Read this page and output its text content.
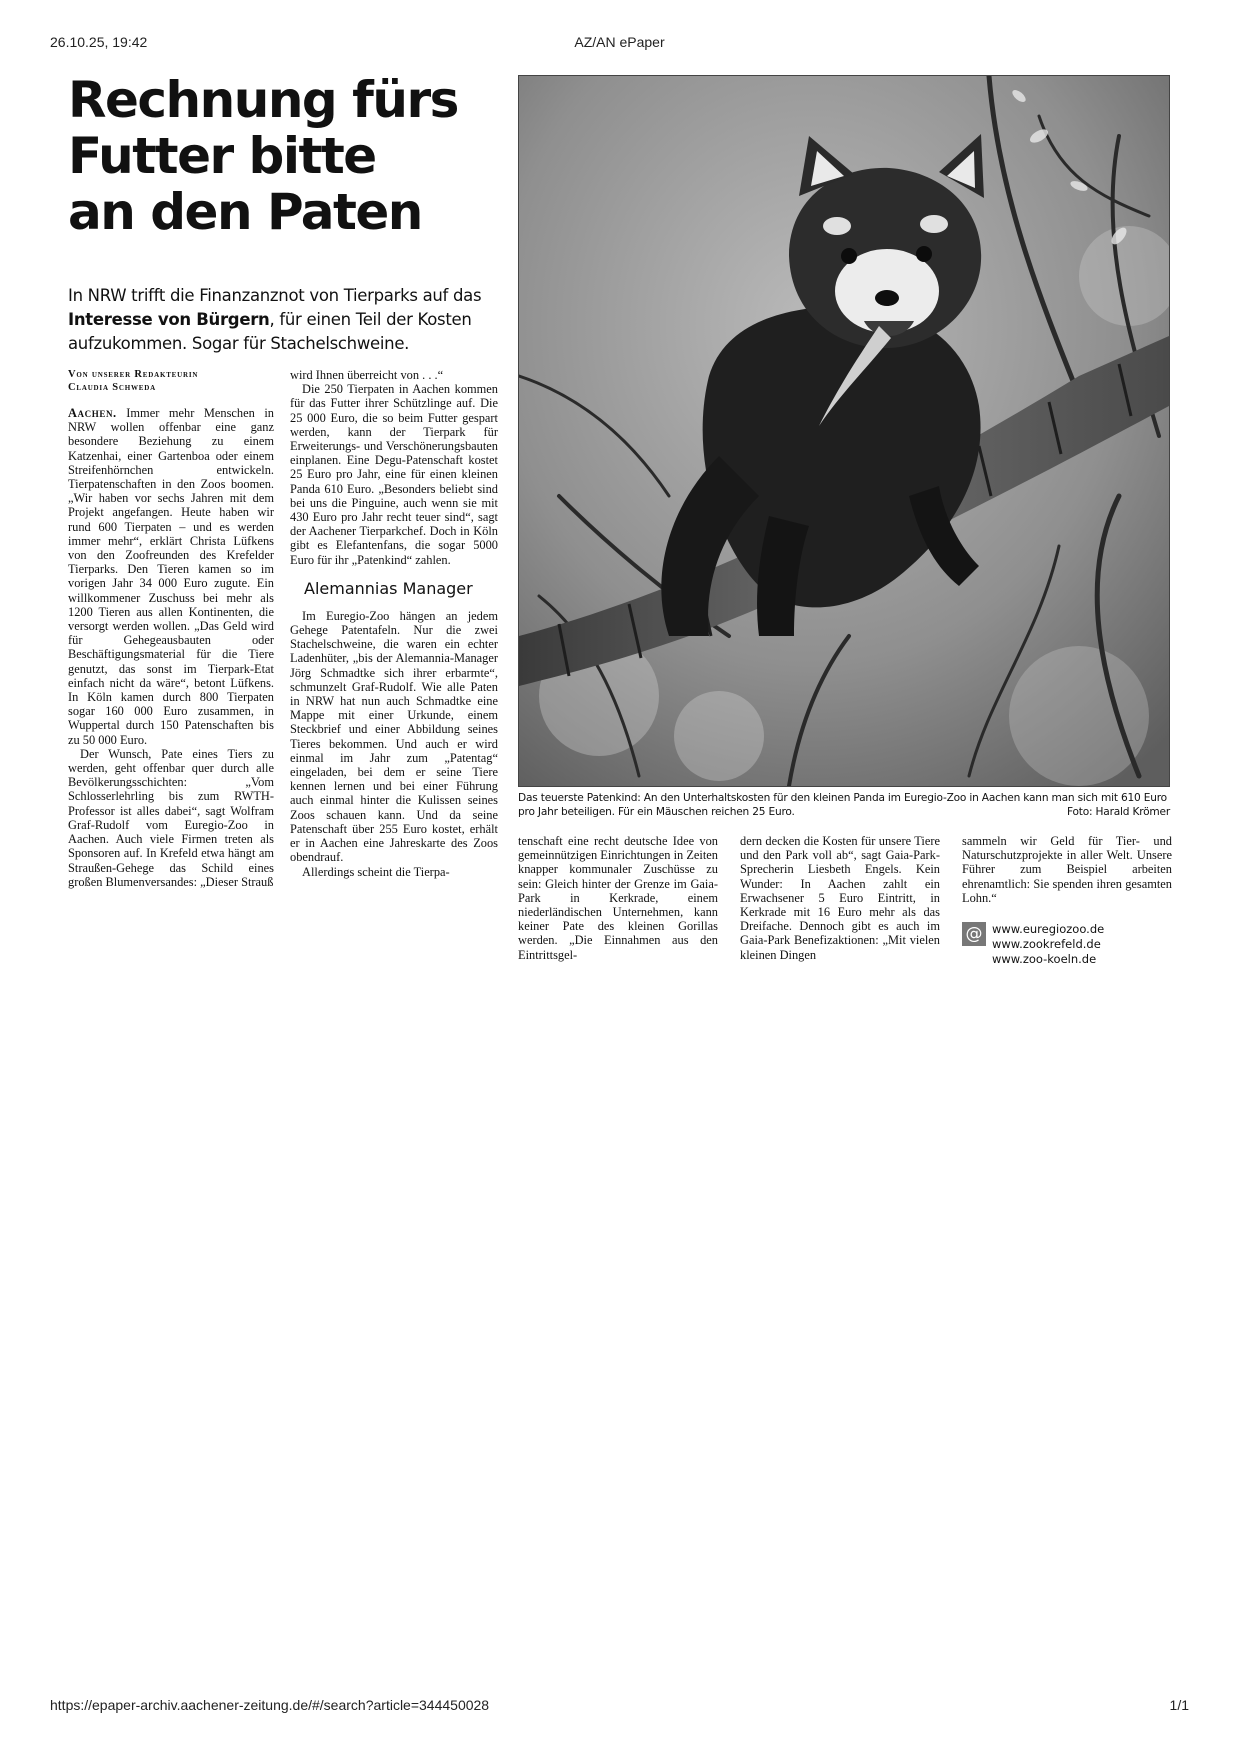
26.10.25, 19:42	AZ/AN ePaper
Rechnung fürs
Futter bitte
an den Paten
In NRW trifft die Finanzanznot von Tierparks auf das Interesse von Bürgern, für einen Teil der Kosten aufzukommen. Sogar für Stachelschweine.
Von unserer Redakteurin
Claudia Schweda

Aachen. Immer mehr Menschen in NRW wollen offenbar eine ganz besondere Beziehung zu einem Katzenhai, einer Gartenboa oder einem Streifenhörnchen entwickeln. Tierpatenschaften in den Zoos boomen. „Wir haben vor sechs Jahren mit dem Projekt angefangen. Heute haben wir rund 600 Tierpaten – und es werden immer mehr“, erklärt Christa Lüfkens von den Zoofreunden des Krefelder Tierparks. Den Tieren kamen so im vorigen Jahr 34 000 Euro zugute. Ein willkommener Zuschuss bei mehr als 1200 Tieren aus allen Kontinenten, die versorgt werden wollen. „Das Geld wird für Gehegeausbauten oder Beschäftigungsmaterial für die Tiere genutzt, das sonst im Tierpark-Etat einfach nicht da wäre“, betont Lüfkens. In Köln kamen durch 800 Tierpaten sogar 160 000 Euro zusammen, in Wuppertal durch 150 Patenschaften bis zu 50 000 Euro.

Der Wunsch, Pate eines Tiers zu werden, geht offenbar quer durch alle Bevölkerungsschichten: „Vom Schlosserlehrling bis zum RWTH-Professor ist alles dabei“, sagt Wolfram Graf-Rudolf vom Euregio-Zoo in Aachen. Auch viele Firmen treten als Sponsoren auf. In Krefeld etwa hängt am Straußen-Gehege das Schild eines großen Blumenversandes: „Dieser Strauß

wird Ihnen überreicht von . . .“

Die 250 Tierpaten in Aachen kommen für das Futter ihrer Schützlinge auf. Die 25 000 Euro, die so beim Futter gespart werden, kann der Tierpark für Erweiterungs- und Verschönerungsbauten einplanen. Eine Degu-Patenschaft kostet 25 Euro pro Jahr, eine für einen kleinen Panda 610 Euro. „Besonders beliebt sind bei uns die Pinguine, auch wenn sie mit 430 Euro pro Jahr recht teuer sind“, sagt der Aachener Tierparkchef. Doch in Köln gibt es Elefantenfans, die sogar 5000 Euro für ihr „Patenkind“ zahlen.

Alemannias Manager

Im Euregio-Zoo hängen an jedem Gehege Patentafeln. Nur die zwei Stachelschweine, die waren ein echter Ladenhüter, „bis der Alemannia-Manager Jörg Schmadtke sich ihrer erbarmte“, schmunzelt Graf-Rudolf. Wie alle Paten in NRW hat nun auch Schmadtke eine Mappe mit einer Urkunde, einem Steckbrief und einer Abbildung seines Tieres bekommen. Und auch er wird einmal im Jahr zum „Patentag“ eingeladen, bei dem er seine Tiere kennen lernen und bei einer Führung auch einmal hinter die Kulissen seines Zoos schauen kann. Und da seine Patenschaft über 255 Euro kostet, erhält er in Aachen eine Jahreskarte des Zoos obendrauf.

Allerdings scheint die Tierpa-

Das teuerste Patenkind: An den Unterhaltskosten für den kleinen Panda im Euregio-Zoo in Aachen kann man sich mit 610 Euro pro Jahr beteiligen. Für ein Mäuschen reichen 25 Euro.	Foto: Harald Krömer

tenschaft eine recht deutsche Idee von gemeinnützigen Einrichtungen in Zeiten knapper kommunaler Zuschüsse zu sein: Gleich hinter der Grenze im Gaia-Park in Kerkrade, einem niederländischen Unternehmen, kann keiner Pate des kleinen Gorillas werden. „Die Einnahmen aus den Eintrittsgel-

dern decken die Kosten für unsere Tiere und den Park voll ab“, sagt Gaia-Park-Sprecherin Liesbeth Engels. Kein Wunder: In Aachen zahlt ein Erwachsener 5 Euro Eintritt, in Kerkrade mit 16 Euro mehr als das Dreifache. Dennoch gibt es auch im Gaia-Park Benefizaktionen: „Mit vielen kleinen Dingen

sammeln wir Geld für Tier- und Naturschutzprojekte in aller Welt. Unsere Führer zum Beispiel arbeiten ehrenamtlich: Sie spenden ihren gesamten Lohn.“

@ www.euregiozoo.de
www.zookrefeld.de
www.zoo-koeln.de
https://epaper-archiv.aachener-zeitung.de/#/search?article=344450028	1/1
